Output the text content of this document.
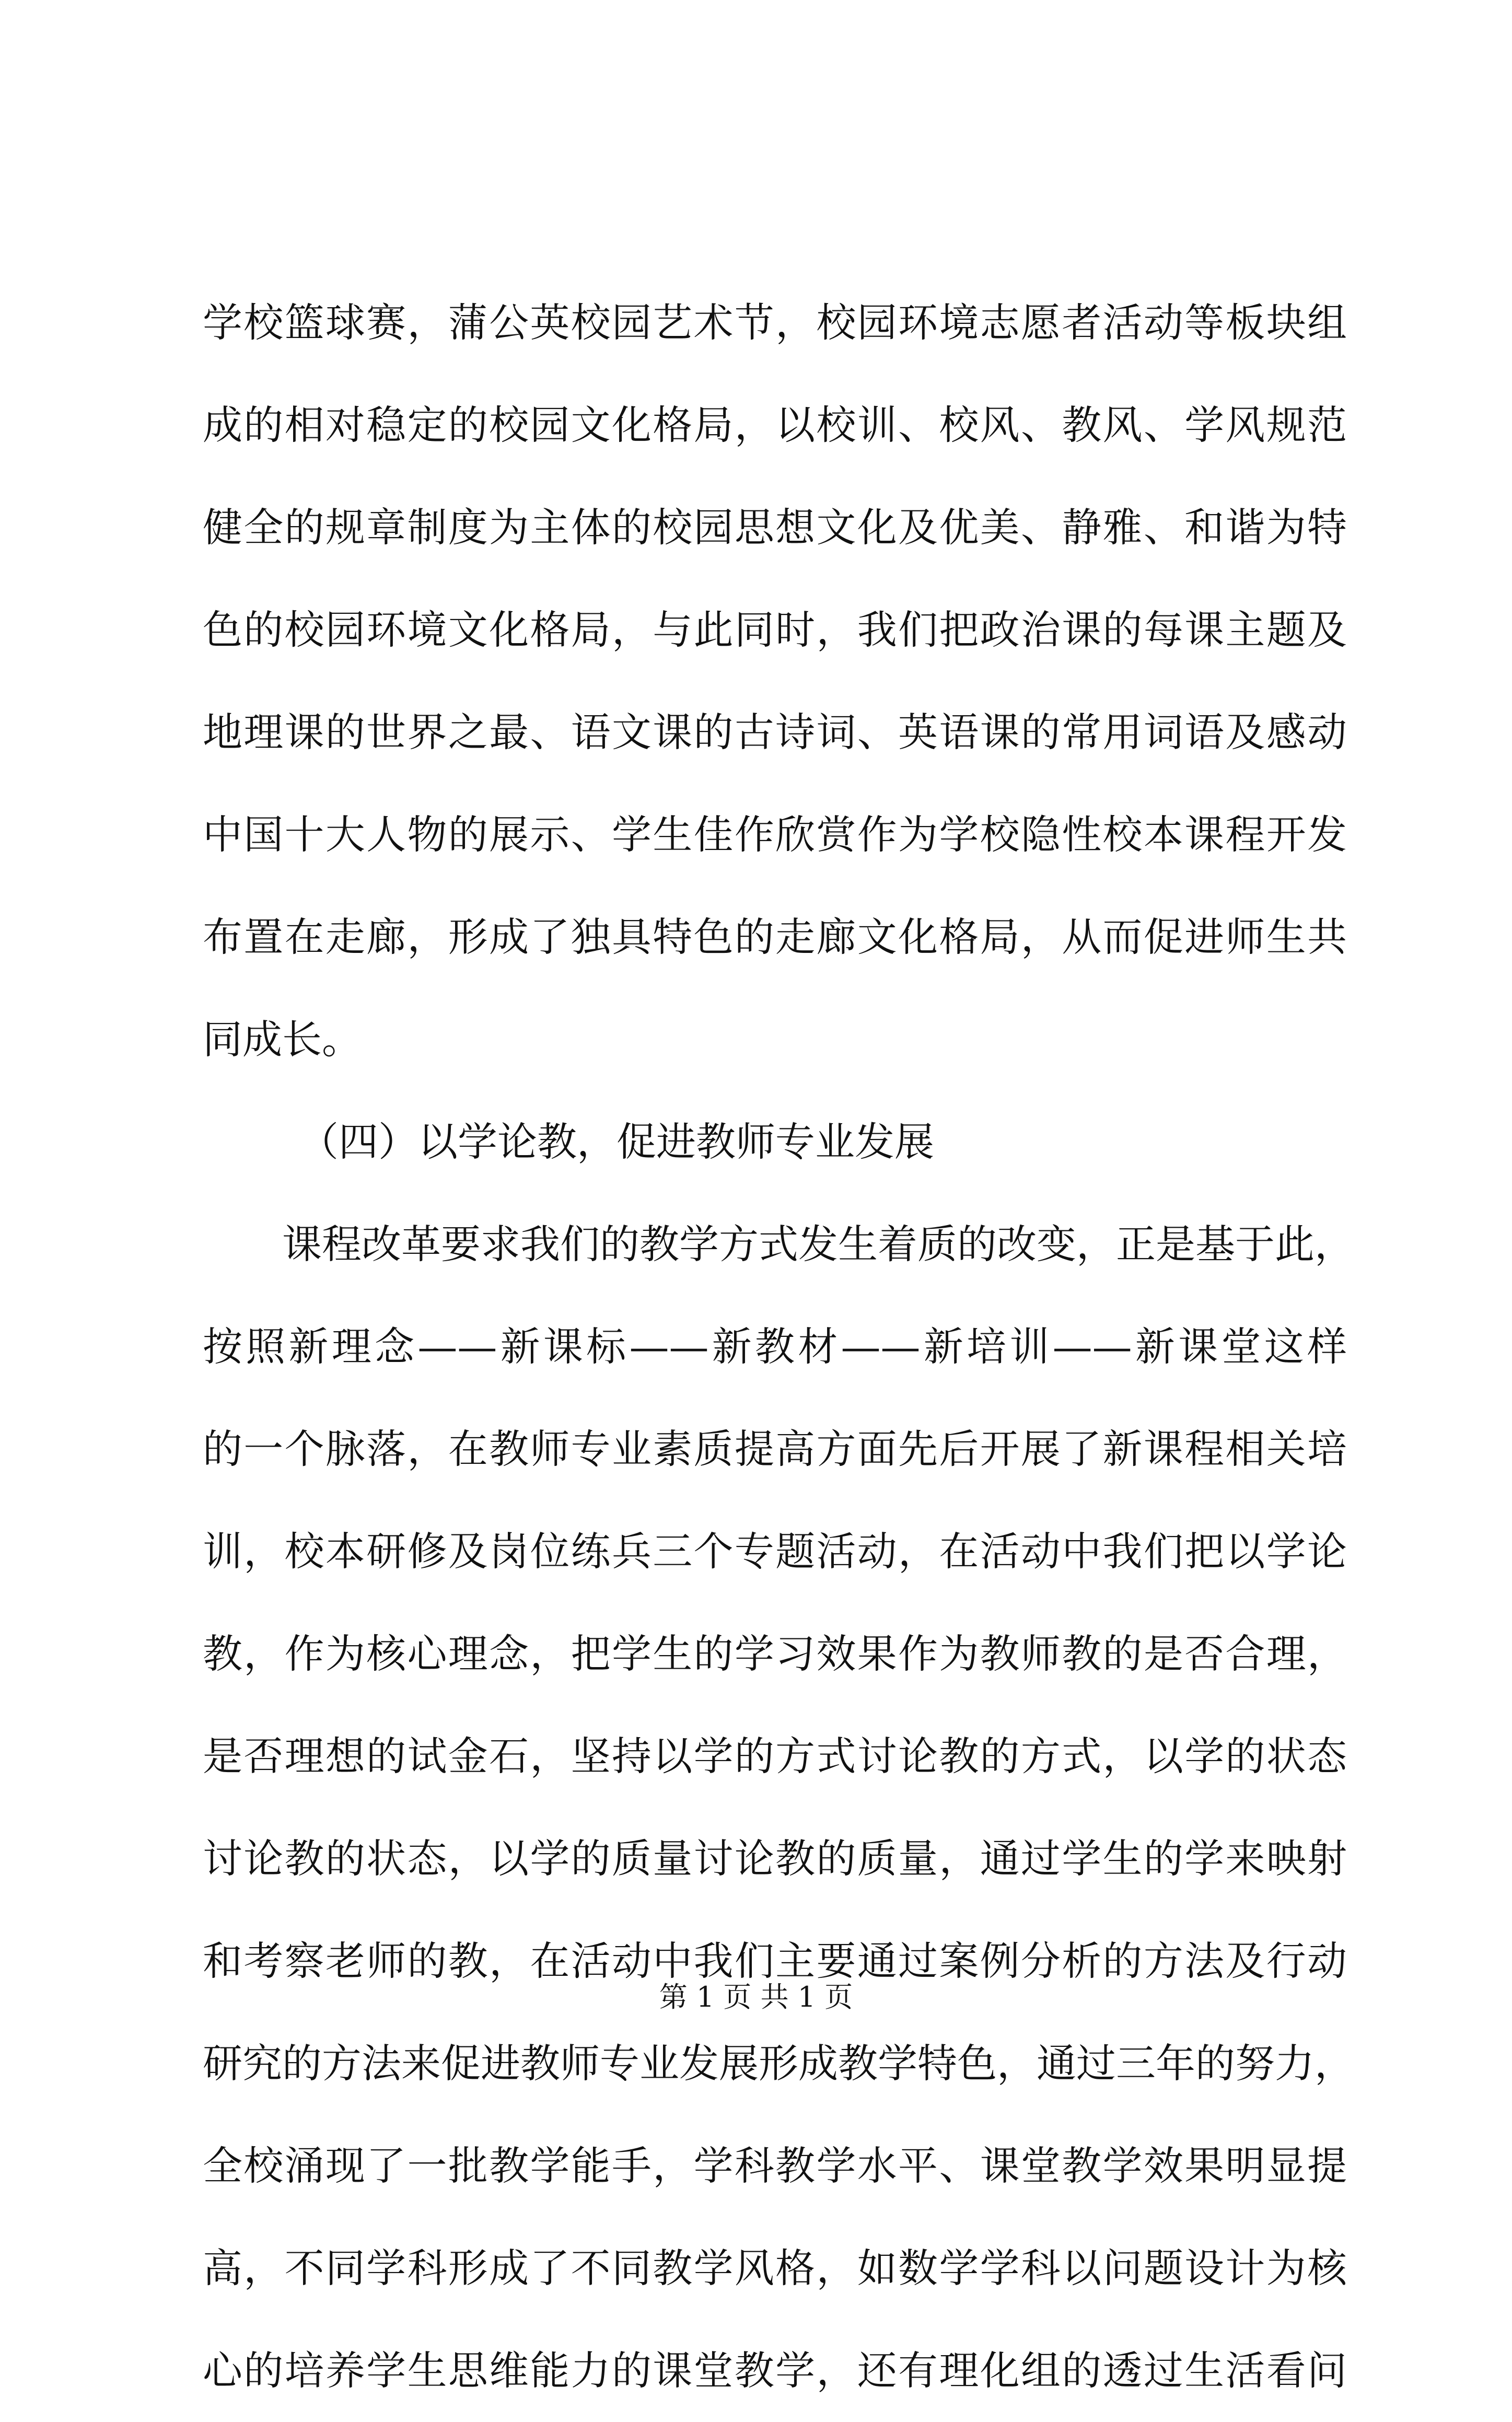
学校篮球赛，蒲公英校园艺术节，校园环境志愿者活动等板块组
成的相对稳定的校园文化格局，以校训、校风、教风、学风规范
健全的规章制度为主体的校园思想文化及优美、静雅、和谐为特
色的校园环境文化格局，与此同时，我们把政治课的每课主题及
地理课的世界之最、语文课的古诗词、英语课的常用词语及感动
中国十大人物的展示、学生佳作欣赏作为学校隐性校本课程开发
布置在走廊，形成了独具特色的走廊文化格局，从而促进师生共
同成长。
（四）以学论教，促进教师专业发展
课程改革要求我们的教学方式发生着质的改变，正是基于此，
按照新理念——新课标——新教材——新培训——新课堂这样
的一个脉落，在教师专业素质提高方面先后开展了新课程相关培
训，校本研修及岗位练兵三个专题活动，在活动中我们把以学论
教，作为核心理念，把学生的学习效果作为教师教的是否合理，
是否理想的试金石，坚持以学的方式讨论教的方式，以学的状态
讨论教的状态，以学的质量讨论教的质量，通过学生的学来映射
和考察老师的教，在活动中我们主要通过案例分析的方法及行动
研究的方法来促进教师专业发展形成教学特色，通过三年的努力，
全校涌现了一批教学能手，学科教学水平、课堂教学效果明显提
高，不同学科形成了不同教学风格，如数学学科以问题设计为核
心的培养学生思维能力的课堂教学，还有理化组的透过生活看问
第 1 页 共 1 页
